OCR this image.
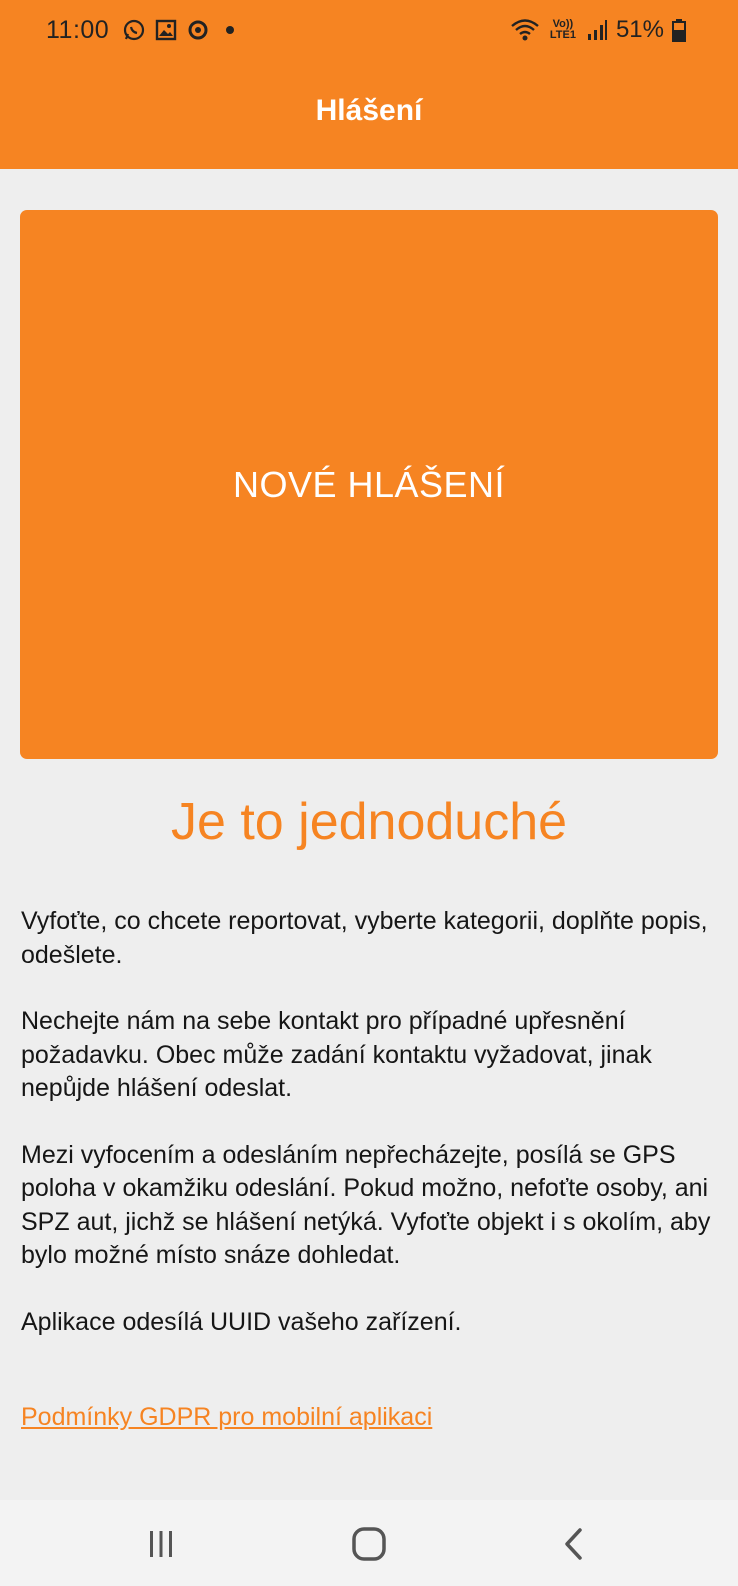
11:00	Vo)) LTE1 51%
Hlášení
NOVÉ HLÁŠENÍ
Je to jednoduché

Vyfoťte, co chcete reportovat, vyberte kategorii, doplňte popis, odešlete.

Nechejte nám na sebe kontakt pro případné upřesnění požadavku. Obec může zadání kontaktu vyžadovat, jinak nepůjde hlášení odeslat.

Mezi vyfocením a odesláním nepřecházejte, posílá se GPS poloha v okamžiku odeslání. Pokud možno, nefoťte osoby, ani SPZ aut, jichž se hlášení netýká. Vyfoťte objekt i s okolím, aby bylo možné místo snáze dohledat.

Aplikace odesílá UUID vašeho zařízení.

Podmínky GDPR pro mobilní aplikaci
